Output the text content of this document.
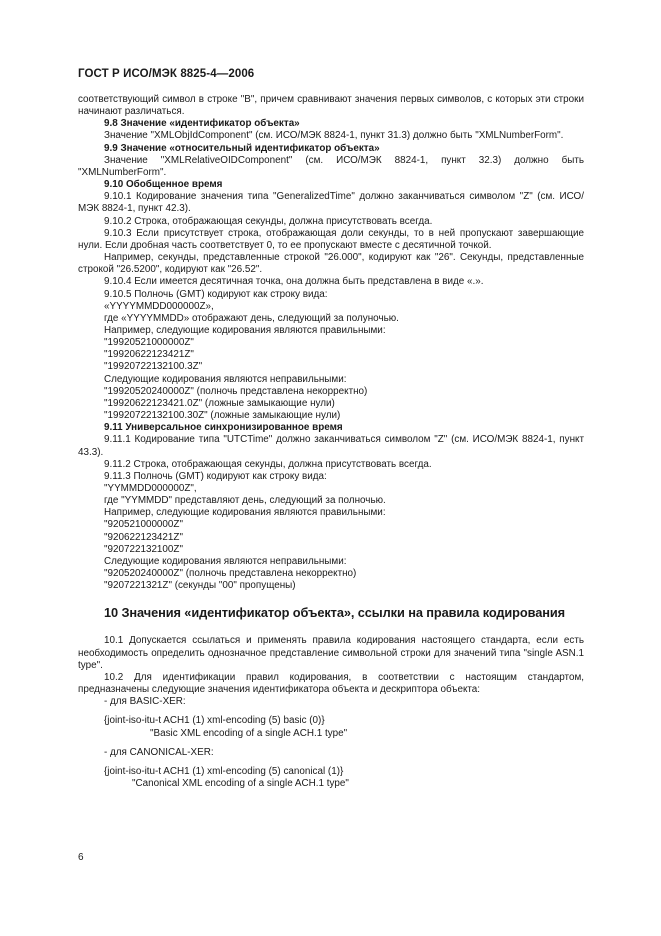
ГОСТ Р ИСО/МЭК 8825-4—2006

соответствующий символ в строке "B", причем сравнивают значения первых символов, с которых эти строки начинают различаться.

9.8 Значение «идентификатор объекта»

Значение "XMLObjIdComponent" (см. ИСО/МЭК 8824-1, пункт 31.3) должно быть "XMLNumberForm".

9.9 Значение «относительный идентификатор объекта»

Значение "XMLRelativeOIDComponent" (см. ИСО/МЭК 8824-1, пункт 32.3) должно быть "XMLNumberForm".

9.10 Обобщенное время

9.10.1 Кодирование значения типа "GeneralizedTime" должно заканчиваться символом "Z" (см. ИСО/МЭК 8824-1, пункт 42.3).

9.10.2 Строка, отображающая секунды, должна присутствовать всегда.

9.10.3 Если присутствует строка, отображающая доли секунды, то в ней пропускают завершающие нули. Если дробная часть соответствует 0, то ее пропускают вместе с десятичной точкой.

Например, секунды, представленные строкой "26.000", кодируют как "26". Секунды, представленные строкой "26.5200", кодируют как "26.52".

9.10.4 Если имеется десятичная точка, она должна быть представлена в виде «.».

9.10.5 Полночь (GMT) кодируют как строку вида:

«YYYYMMDD000000Z»,

где «YYYYMMDD» отображают день, следующий за полуночью.

Например, следующие кодирования являются правильными:

"19920521000000Z"

"19920622123421Z"

"19920722132100.3Z"

Следующие кодирования являются неправильными:

"19920520240000Z" (полночь представлена некорректно)

"19920622123421.0Z" (ложные замыкающие нули)

"19920722132100.30Z" (ложные замыкающие нули)

9.11 Универсальное синхронизированное время

9.11.1 Кодирование типа "UTCTime" должно заканчиваться символом "Z" (см. ИСО/МЭК 8824-1, пункт 43.3).

9.11.2 Строка, отображающая секунды, должна присутствовать всегда.

9.11.3 Полночь (GMT) кодируют как строку вида:

"YYMMDD000000Z",

где "YYMMDD" представляют день, следующий за полночью.

Например, следующие кодирования являются правильными:

"920521000000Z"

"920622123421Z"

"920722132100Z"

Следующие кодирования являются неправильными:

"920520240000Z" (полночь представлена некорректно)

"9207221321Z" (секунды "00" пропущены)

10 Значения «идентификатор объекта», ссылки на правила кодирования

10.1 Допускается ссылаться и применять правила кодирования настоящего стандарта, если есть необходимость определить однозначное представление символьной строки для значений типа "single ASN.1 type".

10.2 Для идентификации правил кодирования, в соответствии с настоящим стандартом, предназначены следующие значения идентификатора объекта и дескриптора объекта:

- для BASIC-XER:

{joint-iso-itu-t ACH1 (1) xml-encoding (5) basic (0)}

"Basic XML encoding of a single ACH.1 type"

- для CANONICAL-XER:

{joint-iso-itu-t ACH1 (1) xml-encoding (5) canonical (1)}

"Canonical XML encoding of a single ACH.1 type"

6
